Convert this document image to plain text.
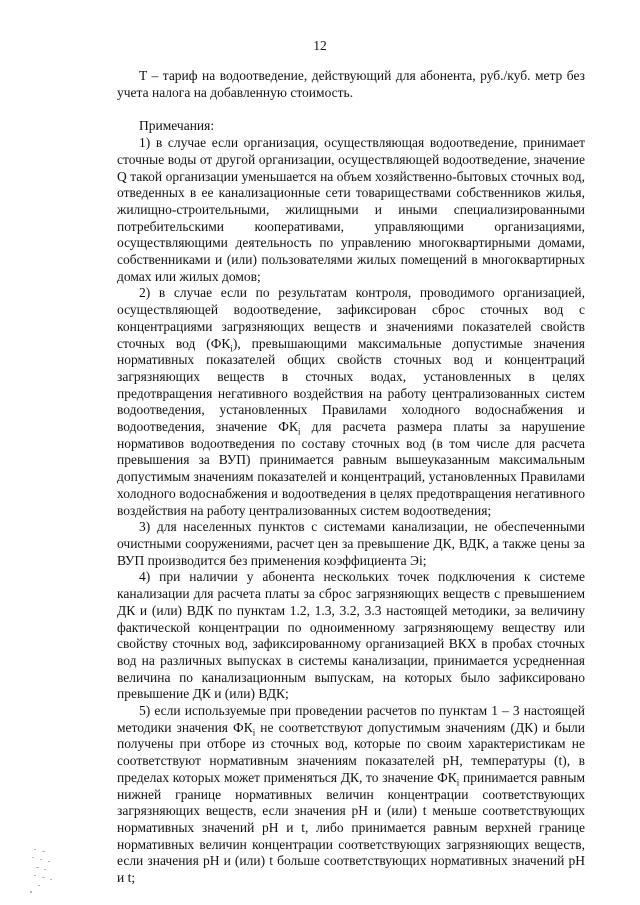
12

T – тариф на водоотведение, действующий для абонента, руб./куб. метр без учета налога на добавленную стоимость.

Примечания:

1) в случае если организация, осуществляющая водоотведение, принимает сточные воды от другой организации, осуществляющей водоотведение, значение Q такой организации уменьшается на объем хозяйственно-бытовых сточных вод, отведенных в ее канализационные сети товариществами собственников жилья, жилищно-строительными, жилищными и иными специализированными потребительскими кооперативами, управляющими организациями, осуществляющими деятельность по управлению многоквартирными домами, собственниками и (или) пользователями жилых помещений в многоквартирных домах или жилых домов;

2) в случае если по результатам контроля, проводимого организацией, осуществляющей водоотведение, зафиксирован сброс сточных вод с концентрациями загрязняющих веществ и значениями показателей свойств сточных вод $(ФК_i)$, превышающими максимальные допустимые значения нормативных показателей общих свойств сточных вод и концентраций загрязняющих веществ в сточных водах, установленных в целях предотвращения негативного воздействия на работу централизованных систем водоотведения, установленных Правилами холодного водоснабжения и водоотведения, значение $ФК_i$ для расчета размера платы за нарушение нормативов водоотведения по составу сточных вод (в том числе для расчета превышения за ВУП) принимается равным вышеуказанным максимальным допустимым значениям показателей и концентраций, установленных Правилами холодного водоснабжения и водоотведения в целях предотвращения негативного воздействия на работу централизованных систем водоотведения;

3) для населенных пунктов с системами канализации, не обеспеченными очистными сооружениями, расчет цен за превышение ДК, ВДК, а также цены за ВУП производится без применения коэффициента Эi;

4) при наличии у абонента нескольких точек подключения к системе канализации для расчета платы за сброс загрязняющих веществ с превышением ДК и (или) ВДК по пунктам 1.2, 1.3, 3.2, 3.3 настоящей методики, за величину фактической концентрации по одноименному загрязняющему веществу или свойству сточных вод, зафиксированному организацией ВКХ в пробах сточных вод на различных выпусках в системы канализации, принимается усредненная величина по канализационным выпускам, на которых было зафиксировано превышение ДК и (или) ВДК;

5) если используемые при проведении расчетов по пунктам 1 – 3 настоящей методики значения $ФК_i$ не соответствуют допустимым значениям (ДК) и были получены при отборе из сточных вод, которые по своим характеристикам не соответствуют нормативным значениям показателей pH, температуры (t), в пределах которых может применяться ДК, то значение $ФК_i$ принимается равным нижней границе нормативных величин концентрации соответствующих загрязняющих веществ, если значения pH и (или) t меньше соответствующих нормативных значений pH и t, либо принимается равным верхней границе нормативных величин концентрации соответствующих загрязняющих веществ, если значения pH и (или) t больше соответствующих нормативных значений pH и t;
